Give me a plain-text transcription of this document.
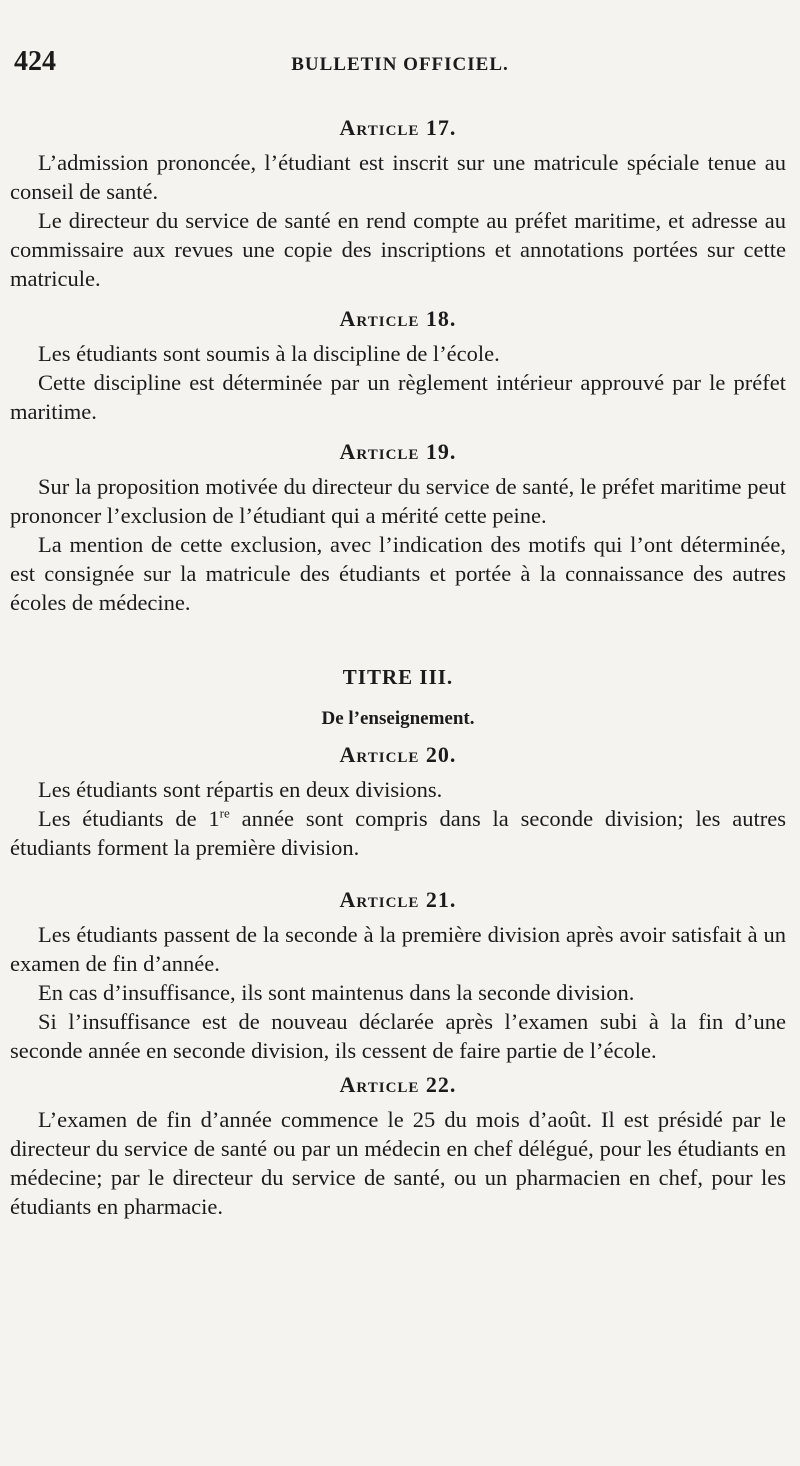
424	BULLETIN OFFICIEL.
Article 17.

L’admission prononcée, l’étudiant est inscrit sur une matricule spéciale tenue au conseil de santé.

Le directeur du service de santé en rend compte au préfet maritime, et adresse au commissaire aux revues une copie des inscriptions et annotations portées sur cette matricule.

Article 18.

Les étudiants sont soumis à la discipline de l’école.

Cette discipline est déterminée par un règlement intérieur approuvé par le préfet maritime.

Article 19.

Sur la proposition motivée du directeur du service de santé, le préfet maritime peut prononcer l’exclusion de l’étudiant qui a mérité cette peine.

La mention de cette exclusion, avec l’indication des motifs qui l’ont déterminée, est consignée sur la matricule des étudiants et portée à la connaissance des autres écoles de médecine.

TITRE III.
De l’enseignement.
Article 20.

Les étudiants sont répartis en deux divisions.

Les étudiants de 1re année sont compris dans la seconde division; les autres étudiants forment la première division.

Article 21.

Les étudiants passent de la seconde à la première division après avoir satisfait à un examen de fin d’année.

En cas d’insuffisance, ils sont maintenus dans la seconde division.

Si l’insuffisance est de nouveau déclarée après l’examen subi à la fin d’une seconde année en seconde division, ils cessent de faire partie de l’école.

Article 22.

L’examen de fin d’année commence le 25 du mois d’août. Il est présidé par le directeur du service de santé ou par un médecin en chef délégué, pour les étudiants en médecine; par le directeur du service de santé, ou un pharmacien en chef, pour les étudiants en pharmacie.
